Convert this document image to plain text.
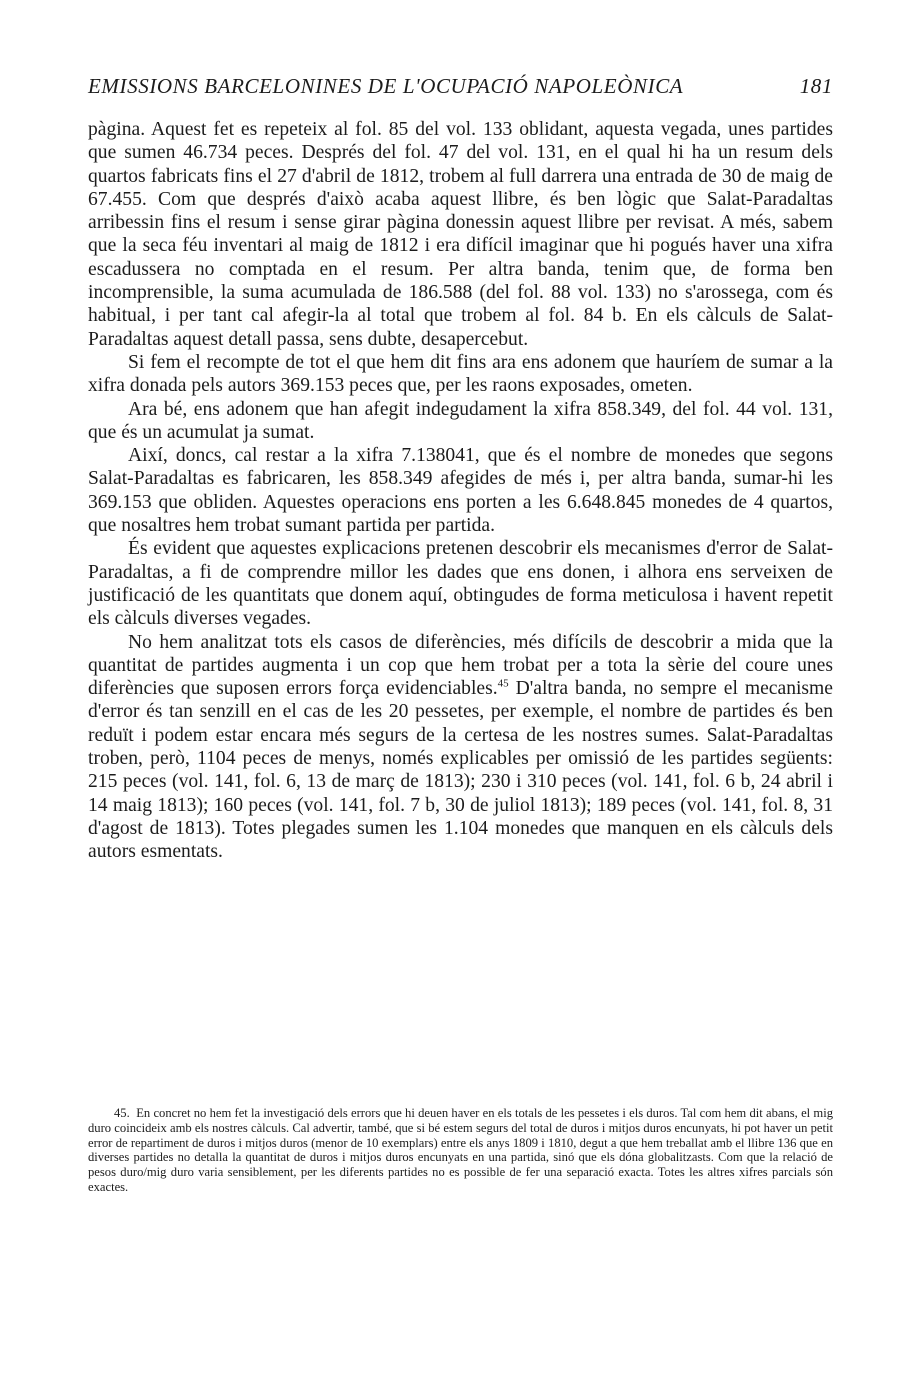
EMISSIONS BARCELONINES DE L'OCUPACIÓ NAPOLEÒNICA	181

pàgina. Aquest fet es repeteix al fol. 85 del vol. 133 oblidant, aquesta vegada, unes partides que sumen 46.734 peces. Després del fol. 47 del vol. 131, en el qual hi ha un resum dels quartos fabricats fins el 27 d'abril de 1812, trobem al full darrera una entrada de 30 de maig de 67.455. Com que després d'això acaba aquest llibre, és ben lògic que Salat-Paradaltas arribessin fins el resum i sense girar pàgina donessin aquest llibre per revisat. A més, sabem que la seca féu inventari al maig de 1812 i era difícil imaginar que hi pogués haver una xifra escadussera no comptada en el resum. Per altra banda, tenim que, de forma ben incomprensible, la suma acumulada de 186.588 (del fol. 88 vol. 133) no s'arossega, com és habitual, i per tant cal afegir-la al total que trobem al fol. 84 b. En els càlculs de Salat-Paradaltas aquest detall passa, sens dubte, desapercebut.

Si fem el recompte de tot el que hem dit fins ara ens adonem que hauríem de sumar a la xifra donada pels autors 369.153 peces que, per les raons exposades, ometen.

Ara bé, ens adonem que han afegit indegudament la xifra 858.349, del fol. 44 vol. 131, que és un acumulat ja sumat.

Així, doncs, cal restar a la xifra 7.138041, que és el nombre de monedes que segons Salat-Paradaltas es fabricaren, les 858.349 afegides de més i, per altra banda, sumar-hi les 369.153 que obliden. Aquestes operacions ens porten a les 6.648.845 monedes de 4 quartos, que nosaltres hem trobat sumant partida per partida.

És evident que aquestes explicacions pretenen descobrir els mecanismes d'error de Salat-Paradaltas, a fi de comprendre millor les dades que ens donen, i alhora ens serveixen de justificació de les quantitats que donem aquí, obtingudes de forma meticulosa i havent repetit els càlculs diverses vegades.

No hem analitzat tots els casos de diferències, més difícils de descobrir a mida que la quantitat de partides augmenta i un cop que hem trobat per a tota la sèrie del coure unes diferències que suposen errors força evidenciables.$^{45}$ D'altra banda, no sempre el mecanisme d'error és tan senzill en el cas de les 20 pessetes, per exemple, el nombre de partides és ben reduït i podem estar encara més segurs de la certesa de les nostres sumes. Salat-Paradaltas troben, però, 1104 peces de menys, només explicables per omissió de les partides següents: 215 peces (vol. 141, fol. 6, 13 de març de 1813); 230 i 310 peces (vol. 141, fol. 6 b, 24 abril i 14 maig 1813); 160 peces (vol. 141, fol. 7 b, 30 de juliol 1813); 189 peces (vol. 141, fol. 8, 31 d'agost de 1813). Totes plegades sumen les 1.104 monedes que manquen en els càlculs dels autors esmentats.

45. En concret no hem fet la investigació dels errors que hi deuen haver en els totals de les pessetes i els duros. Tal com hem dit abans, el mig duro coincideix amb els nostres càlculs. Cal advertir, també, que si bé estem segurs del total de duros i mitjos duros encunyats, hi pot haver un petit error de repartiment de duros i mitjos duros (menor de 10 exemplars) entre els anys 1809 i 1810, degut a que hem treballat amb el llibre 136 que en diverses partides no detalla la quantitat de duros i mitjos duros encunyats en una partida, sinó que els dóna globalitzasts. Com que la relació de pesos duro/mig duro varia sensiblement, per les diferents partides no es possible de fer una separació exacta. Totes les altres xifres parcials són exactes.
